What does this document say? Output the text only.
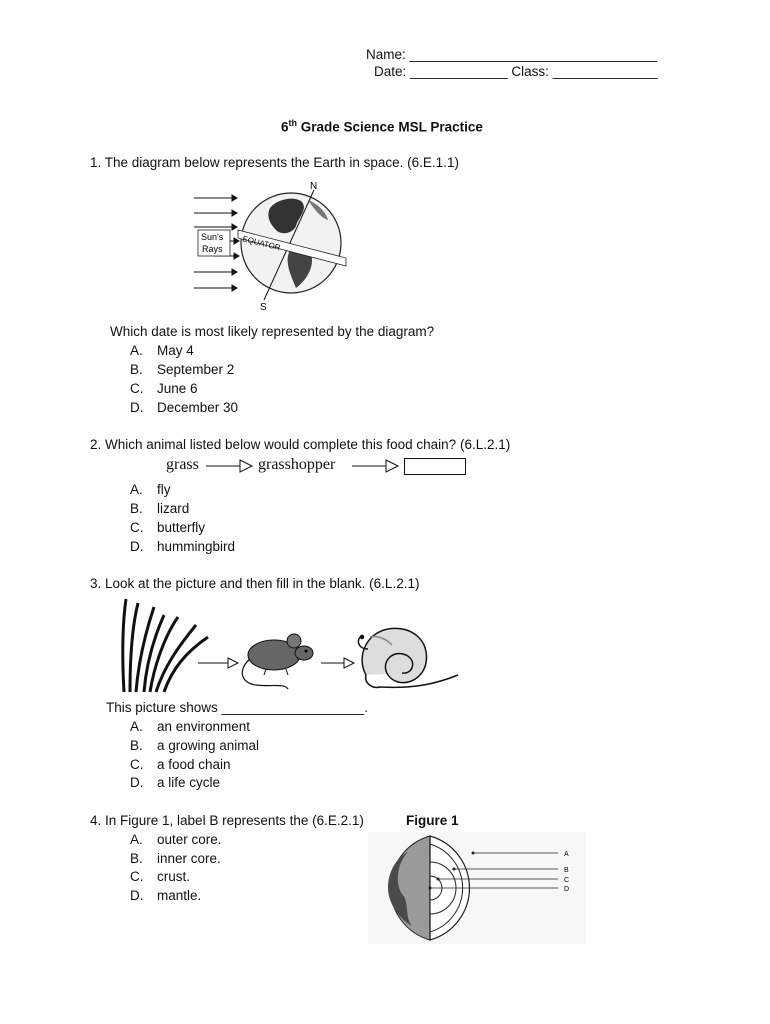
Name: _________________________________
Date: _____________ Class: ______________
6th Grade Science MSL Practice
1. The diagram below represents the Earth in space. (6.E.1.1)
Sun's
Rays EQUATOR
N
S
Which date is most likely represented by the diagram?
A. May 4
B. September 2
C. June 6
D. December 30
2. Which animal listed below would complete this food chain? (6.L.2.1)
grass	grasshopper
A. fly
B. lizard
C. butterfly
D. hummingbird
3. Look at the picture and then fill in the blank. (6.L.2.1)
This picture shows ___________________.
A. an environment
B. a growing animal
C. a food chain
D. a life cycle
4. In Figure 1, label B represents the (6.E.2.1)	Figure 1
A. outer core.
B. inner core.
C. crust.
D. mantle.
A
B
C
D
